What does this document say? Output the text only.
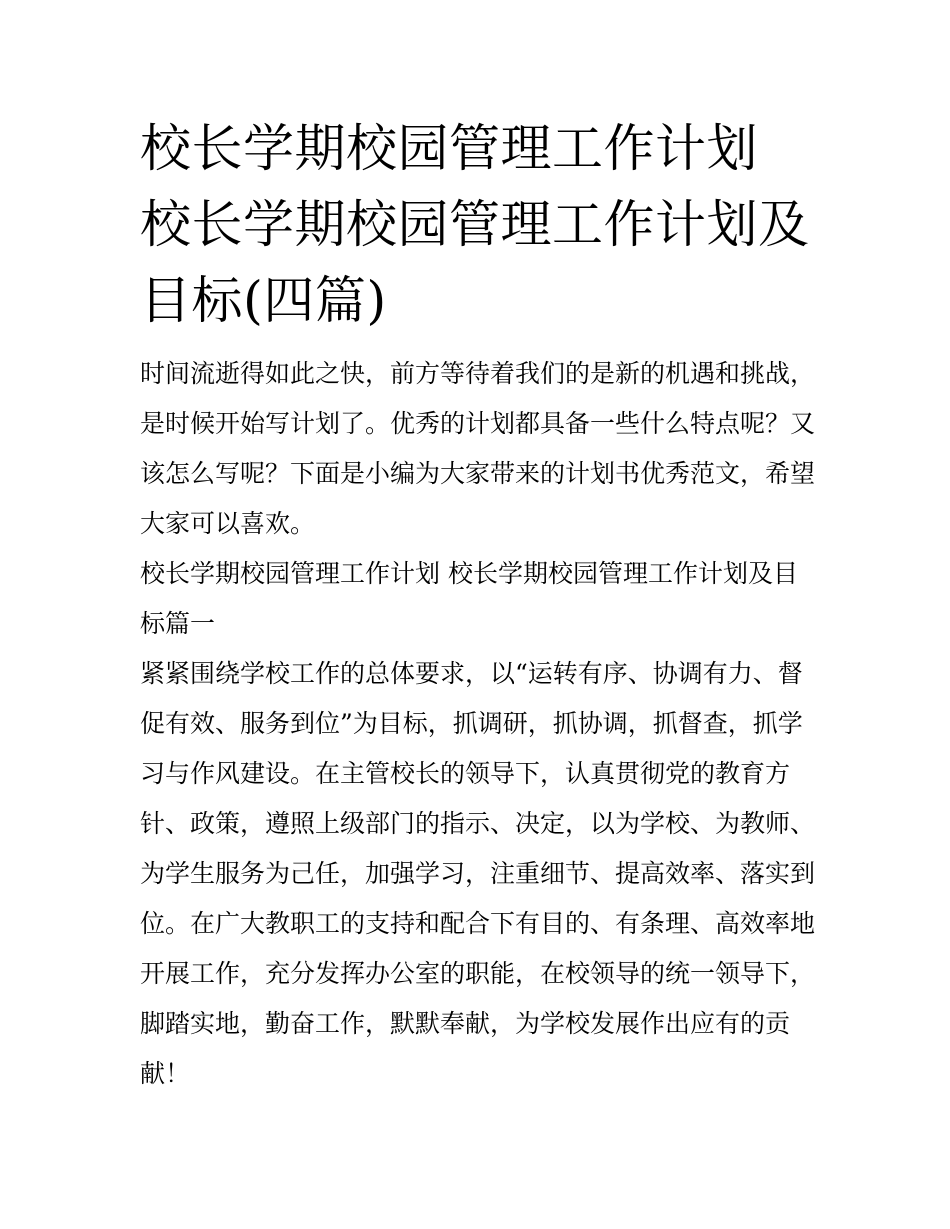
校长学期校园管理工作计划 校长学期校园管理工作计划及目标(四篇)

时间流逝得如此之快，前方等待着我们的是新的机遇和挑战，是时候开始写计划了。优秀的计划都具备一些什么特点呢？又该怎么写呢？下面是小编为大家带来的计划书优秀范文，希望大家可以喜欢。

校长学期校园管理工作计划 校长学期校园管理工作计划及目标篇一

紧紧围绕学校工作的总体要求，以“运转有序、协调有力、督促有效、服务到位”为目标，抓调研，抓协调，抓督查，抓学习与作风建设。在主管校长的领导下，认真贯彻党的教育方针、政策，遵照上级部门的指示、决定，以为学校、为教师、为学生服务为己任，加强学习，注重细节、提高效率、落实到位。在广大教职工的支持和配合下有目的、有条理、高效率地开展工作，充分发挥办公室的职能，在校领导的统一领导下，脚踏实地，勤奋工作，默默奉献，为学校发展作出应有的贡献！
